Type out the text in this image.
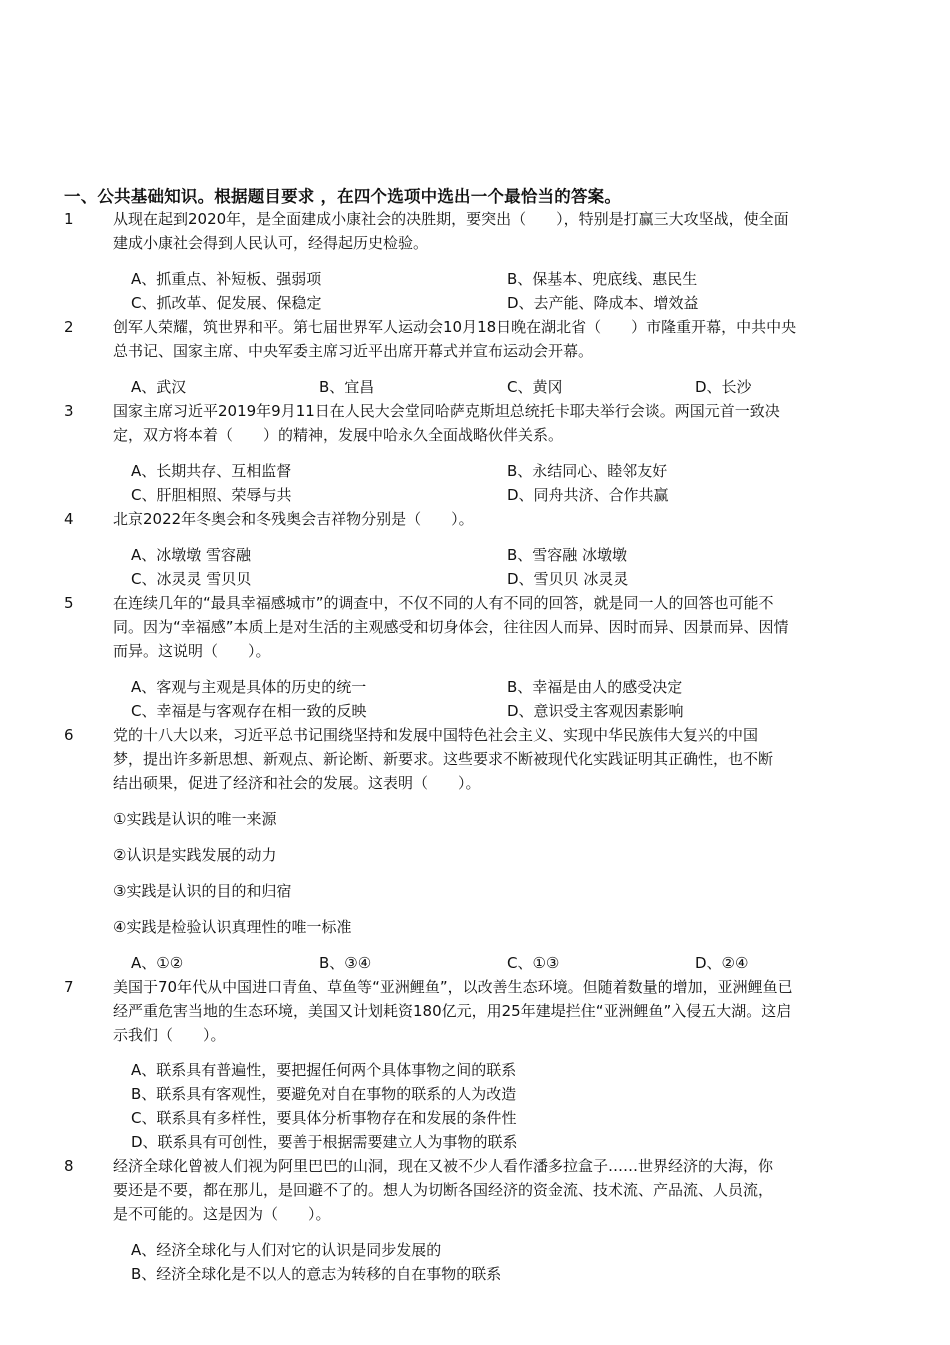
一、公共基础知识。根据题目要求 ，在四个选项中选出一个最恰当的答案。
1	从现在起到2020年，是全面建成小康社会的决胜期，要突出（　　），特别是打赢三大攻坚战，使全面
建成小康社会得到人民认可，经得起历史检验。
A、抓重点、补短板、强弱项	B、保基本、兜底线、惠民生
C、抓改革、促发展、保稳定	D、去产能、降成本、增效益
2	创军人荣耀，筑世界和平。第七届世界军人运动会10月18日晚在湖北省（　　）市隆重开幕，中共中央
总书记、国家主席、中央军委主席习近平出席开幕式并宣布运动会开幕。
A、武汉	B、宜昌	C、黄冈	D、长沙
3	国家主席习近平2019年9月11日在人民大会堂同哈萨克斯坦总统托卡耶夫举行会谈。两国元首一致决
定，双方将本着（　　）的精神，发展中哈永久全面战略伙伴关系。
A、长期共存、互相监督	B、永结同心、睦邻友好
C、肝胆相照、荣辱与共	D、同舟共济、合作共赢
4	北京2022年冬奥会和冬残奥会吉祥物分别是（　　）。
A、冰墩墩 雪容融	B、雪容融 冰墩墩
C、冰灵灵 雪贝贝	D、雪贝贝 冰灵灵
5	在连续几年的“最具幸福感城市”的调查中，不仅不同的人有不同的回答，就是同一人的回答也可能不
同。因为“幸福感”本质上是对生活的主观感受和切身体会，往往因人而异、因时而异、因景而异、因情
而异。这说明（　　）。
A、客观与主观是具体的历史的统一	B、幸福是由人的感受决定
C、幸福是与客观存在相一致的反映	D、意识受主客观因素影响
6	党的十八大以来，习近平总书记围绕坚持和发展中国特色社会主义、实现中华民族伟大复兴的中国
梦，提出许多新思想、新观点、新论断、新要求。这些要求不断被现代化实践证明其正确性，也不断
结出硕果，促进了经济和社会的发展。这表明（　　）。
①实践是认识的唯一来源
②认识是实践发展的动力
③实践是认识的目的和归宿
④实践是检验认识真理性的唯一标准
A、①②	B、③④	C、①③	D、②④
7	美国于70年代从中国进口青鱼、草鱼等“亚洲鲤鱼”，以改善生态环境。但随着数量的增加，亚洲鲤鱼已
经严重危害当地的生态环境，美国又计划耗资180亿元，用25年建堤拦住“亚洲鲤鱼”入侵五大湖。这启
示我们（　　）。
A、联系具有普遍性，要把握任何两个具体事物之间的联系
B、联系具有客观性，要避免对自在事物的联系的人为改造
C、联系具有多样性，要具体分析事物存在和发展的条件性
D、联系具有可创性，要善于根据需要建立人为事物的联系
8	经济全球化曾被人们视为阿里巴巴的山洞，现在又被不少人看作潘多拉盒子……世界经济的大海，你
要还是不要，都在那儿，是回避不了的。想人为切断各国经济的资金流、技术流、产品流、人员流，
是不可能的。这是因为（　　）。
A、经济全球化与人们对它的认识是同步发展的
B、经济全球化是不以人的意志为转移的自在事物的联系
